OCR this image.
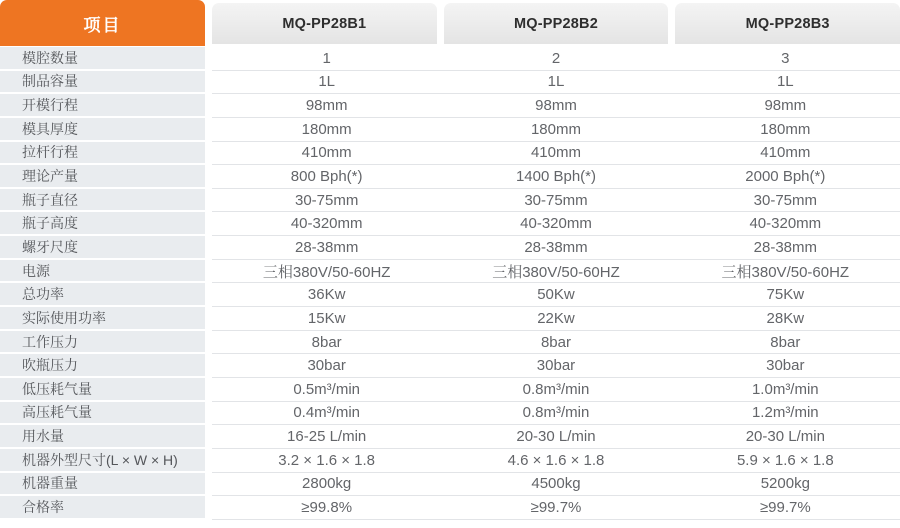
项目	MQ-PP28B1	MQ-PP28B2	MQ-PP28B3
模腔数量	1	2	3
制品容量	1L	1L	1L
开模行程	98mm	98mm	98mm
模具厚度	180mm	180mm	180mm
拉杆行程	410mm	410mm	410mm
理论产量	800 Bph(*)	1400 Bph(*)	2000 Bph(*)
瓶子直径	30-75mm	30-75mm	30-75mm
瓶子高度	40-320mm	40-320mm	40-320mm
螺牙尺度	28-38mm	28-38mm	28-38mm
电源	三相380V/50-60HZ	三相380V/50-60HZ	三相380V/50-60HZ
总功率	36Kw	50Kw	75Kw
实际使用功率	15Kw	22Kw	28Kw
工作压力	8bar	8bar	8bar
吹瓶压力	30bar	30bar	30bar
低压耗气量	0.5m³/min	0.8m³/min	1.0m³/min
高压耗气量	0.4m³/min	0.8m³/min	1.2m³/min
用水量	16-25 L/min	20-30 L/min	20-30 L/min
机器外型尺寸(L × W × H)	3.2 × 1.6 × 1.8	4.6 × 1.6 × 1.8	5.9 × 1.6 × 1.8
机器重量	2800kg	4500kg	5200kg
合格率	≥99.8%	≥99.7%	≥99.7%
